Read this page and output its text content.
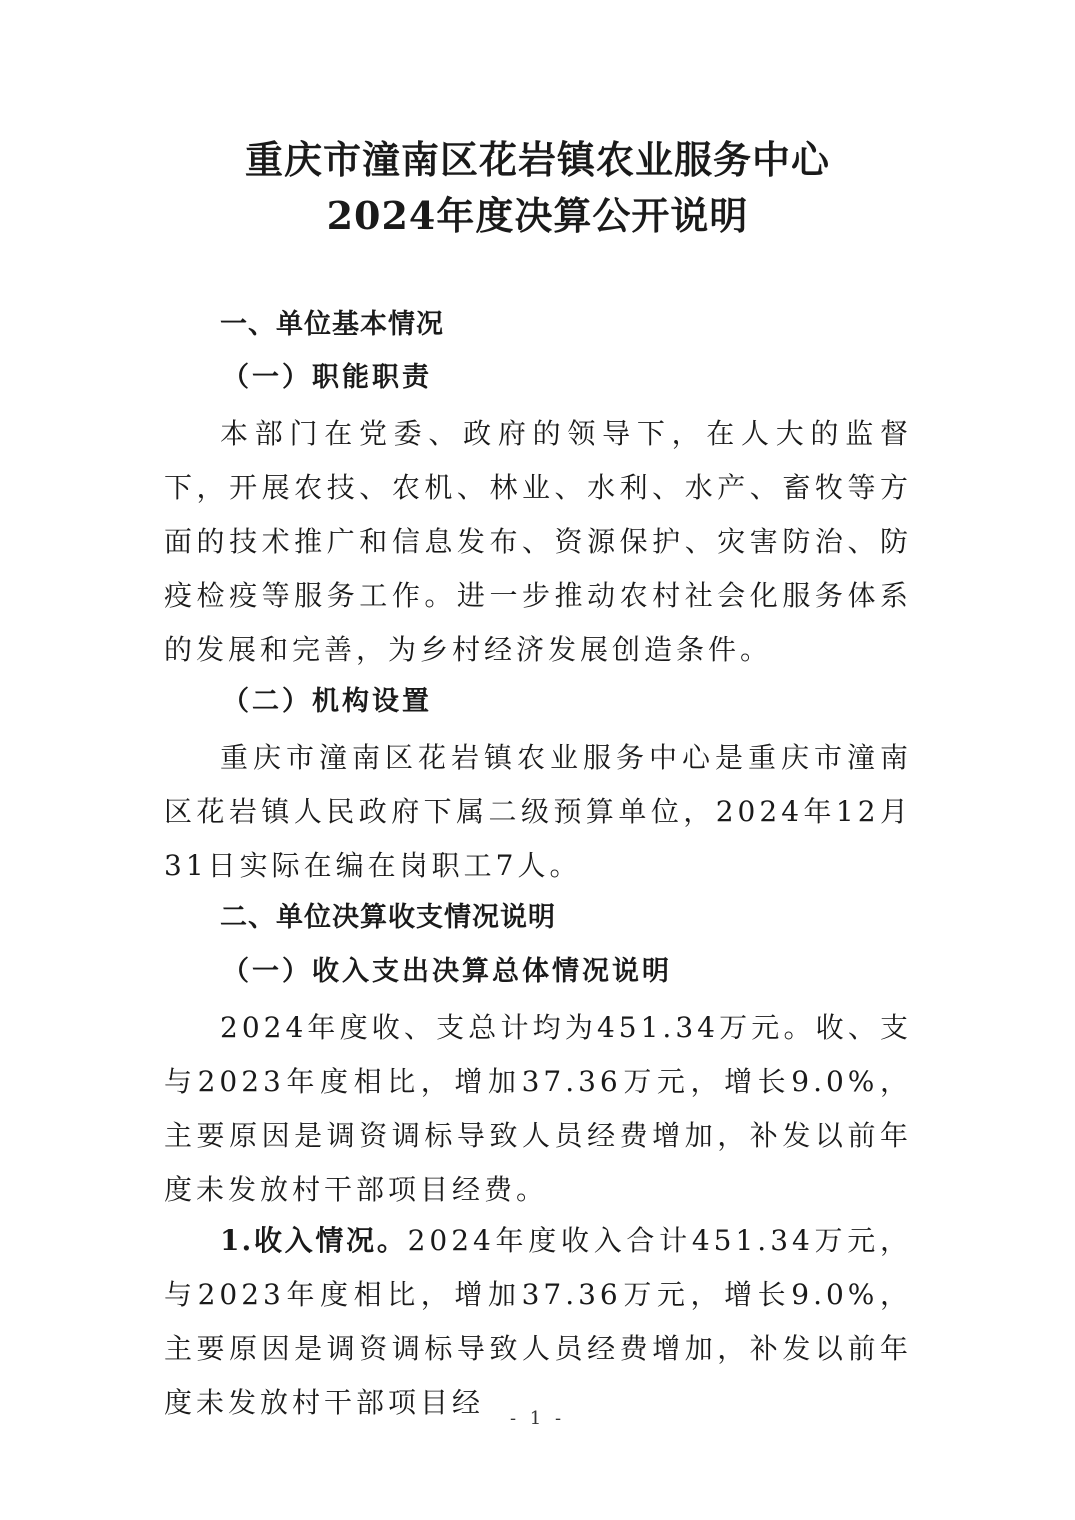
重庆市潼南区花岩镇农业服务中心
2024年度决算公开说明
一、单位基本情况
（一）职能职责

本部门在党委、政府的领导下，在人大的监督下，开展农技、农机、林业、水利、水产、畜牧等方面的技术推广和信息发布、资源保护、灾害防治、防疫检疫等服务工作。进一步推动农村社会化服务体系的发展和完善，为乡村经济发展创造条件。

（二）机构设置

重庆市潼南区花岩镇农业服务中心是重庆市潼南区花岩镇人民政府下属二级预算单位，2024年12月31日实际在编在岗职工7人。

二、单位决算收支情况说明
（一）收入支出决算总体情况说明

2024年度收、支总计均为451.34万元。收、支与2023年度相比，增加37.36万元，增长9.0%，主要原因是调资调标导致人员经费增加，补发以前年度未发放村干部项目经费。

1.收入情况。2024年度收入合计451.34万元，与2023年度相比，增加37.36万元，增长9.0%，主要原因是调资调标导致人员经费增加，补发以前年度未发放村干部项目经	- 1 -
